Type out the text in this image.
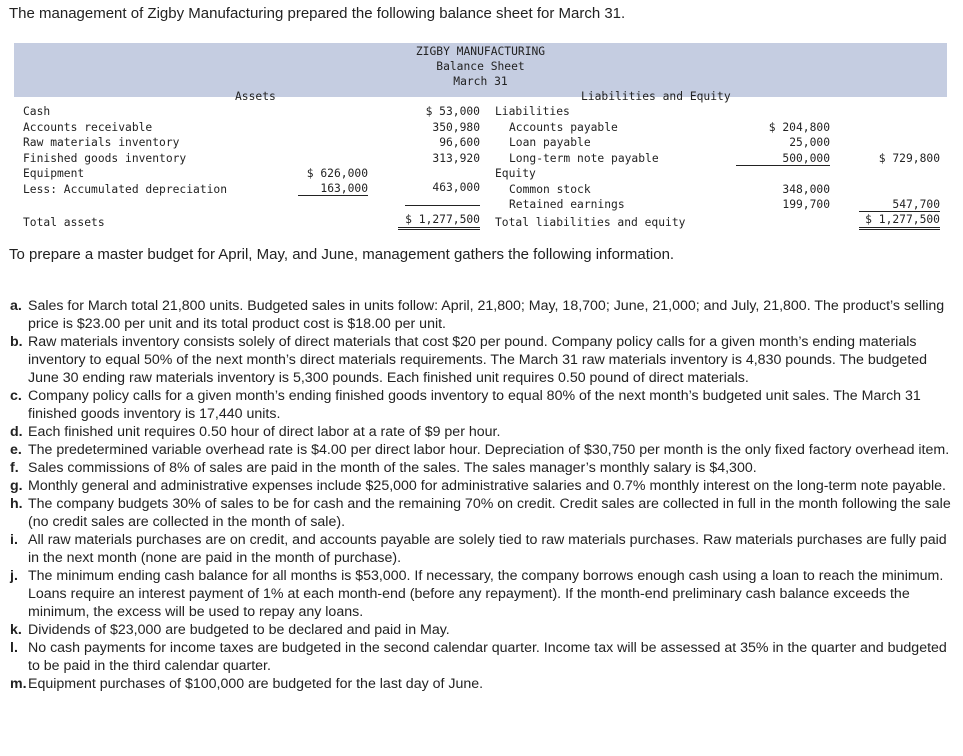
The management of Zigby Manufacturing prepared the following balance sheet for March 31.
ZIGBY MANUFACTURING
Balance Sheet
March 31
Assets	Liabilities and Equity
Cash
Accounts receivable
Raw materials inventory
Finished goods inventory
Equipment
Less: Accumulated depreciation
Total assets
$ 626,000
163,000
$ 53,000
350,980
96,600
313,920
463,000
$ 1,277,500
Liabilities
Accounts payable
Loan payable
Long-term note payable
Equity
Common stock
Retained earnings
Total liabilities and equity
$ 204,800
25,000
500,000
348,000
199,700
$ 729,800
547,700
$ 1,277,500
To prepare a master budget for April, May, and June, management gathers the following information.
a. Sales for March total 21,800 units. Budgeted sales in units follow: April, 21,800; May, 18,700; June, 21,000; and July, 21,800. The product’s selling price is $23.00 per unit and its total product cost is $18.00 per unit.
b. Raw materials inventory consists solely of direct materials that cost $20 per pound. Company policy calls for a given month’s ending materials inventory to equal 50% of the next month’s direct materials requirements. The March 31 raw materials inventory is 4,830 pounds. The budgeted June 30 ending raw materials inventory is 5,300 pounds. Each finished unit requires 0.50 pound of direct materials.
c. Company policy calls for a given month’s ending finished goods inventory to equal 80% of the next month’s budgeted unit sales. The March 31 finished goods inventory is 17,440 units.
d. Each finished unit requires 0.50 hour of direct labor at a rate of $9 per hour.
e. The predetermined variable overhead rate is $4.00 per direct labor hour. Depreciation of $30,750 per month is the only fixed factory overhead item.
f. Sales commissions of 8% of sales are paid in the month of the sales. The sales manager’s monthly salary is $4,300.
g. Monthly general and administrative expenses include $25,000 for administrative salaries and 0.7% monthly interest on the long-term note payable.
h. The company budgets 30% of sales to be for cash and the remaining 70% on credit. Credit sales are collected in full in the month following the sale (no credit sales are collected in the month of sale).
i. All raw materials purchases are on credit, and accounts payable are solely tied to raw materials purchases. Raw materials purchases are fully paid in the next month (none are paid in the month of purchase).
j. The minimum ending cash balance for all months is $53,000. If necessary, the company borrows enough cash using a loan to reach the minimum. Loans require an interest payment of 1% at each month-end (before any repayment). If the month-end preliminary cash balance exceeds the minimum, the excess will be used to repay any loans.
k. Dividends of $23,000 are budgeted to be declared and paid in May.
l. No cash payments for income taxes are budgeted in the second calendar quarter. Income tax will be assessed at 35% in the quarter and budgeted to be paid in the third calendar quarter.
m. Equipment purchases of $100,000 are budgeted for the last day of June.
